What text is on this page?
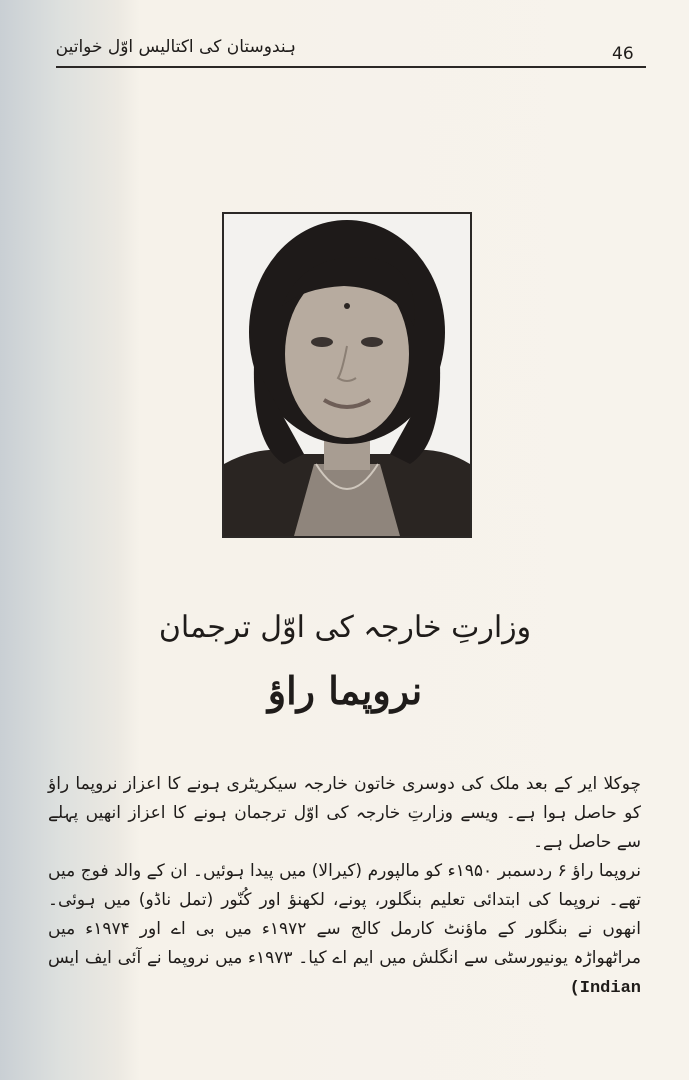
ہندوستان کی اکتالیس اوّل خواتین	46
وزارتِ خارجہ کی اوّل ترجمان
نروپما راؤ

چوکلا ایر کے بعد ملک کی دوسری خاتون خارجہ سیکریٹری ہونے کا اعزاز نروپما راؤ کو حاصل ہوا ہے۔ ویسے وزارتِ خارجہ کی اوّل ترجمان ہونے کا اعزاز انھیں پہلے سے حاصل ہے۔

نروپما راؤ ۶ ردسمبر ۱۹۵۰ء کو مالپورم (کیرالا) میں پیدا ہوئیں۔ ان کے والد فوج میں تھے۔ نروپما کی ابتدائی تعلیم بنگلور، پونے، لکھنؤ اور کُنّور (تمل ناڈو) میں ہوئی۔ انھوں نے بنگلور کے ماؤنٹ کارمل کالج سے ۱۹۷۲ء میں بی اے اور ۱۹۷۴ء میں مراٹھواڑہ یونیورسٹی سے انگلش میں ایم اے کیا۔ ۱۹۷۳ء میں نروپما نے آئی ایف ایس (Indian
